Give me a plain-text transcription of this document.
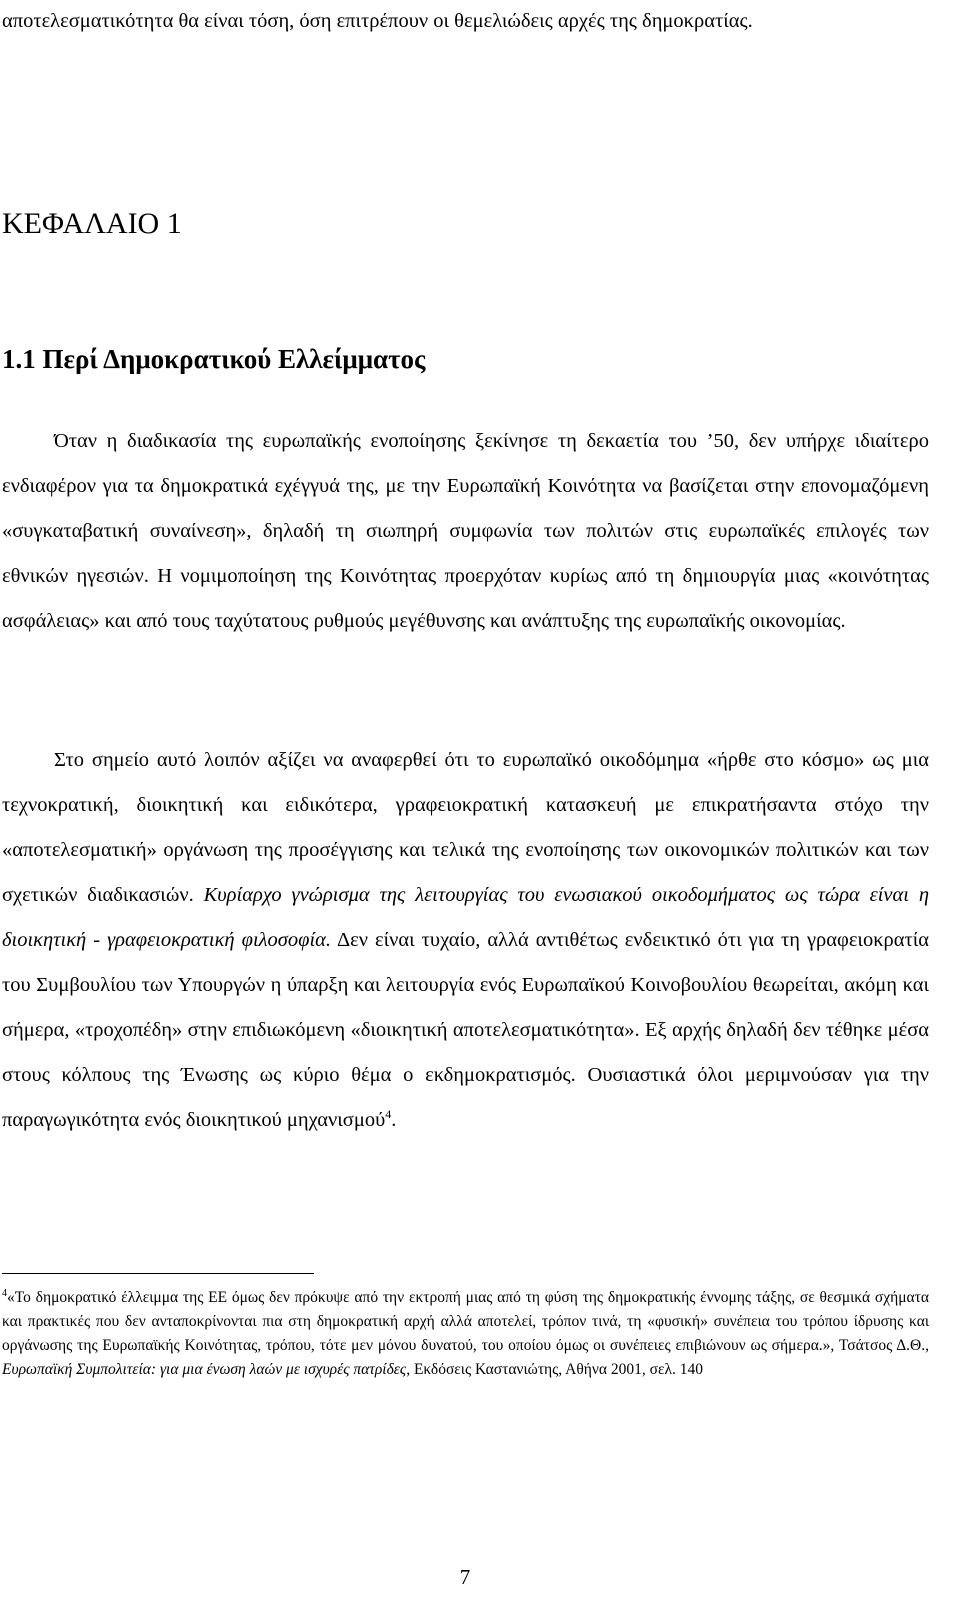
αποτελεσματικότητα θα είναι τόση, όση επιτρέπουν οι θεμελιώδεις αρχές της δημοκρατίας.

ΚΕΦΑΛΑΙΟ 1
1.1 Περί Δημοκρατικού Ελλείμματος

Όταν η διαδικασία της ευρωπαϊκής ενοποίησης ξεκίνησε τη δεκαετία του ’50, δεν υπήρχε ιδιαίτερο ενδιαφέρον για τα δημοκρατικά εχέγγυά της, με την Ευρωπαϊκή Κοινότητα να βασίζεται στην επονομαζόμενη «συγκαταβατική συναίνεση», δηλαδή τη σιωπηρή συμφωνία των πολιτών στις ευρωπαϊκές επιλογές των εθνικών ηγεσιών. Η νομιμοποίηση της Κοινότητας προερχόταν κυρίως από τη δημιουργία μιας «κοινότητας ασφάλειας» και από τους ταχύτατους ρυθμούς μεγέθυνσης και ανάπτυξης της ευρωπαϊκής οικονομίας.

Στο σημείο αυτό λοιπόν αξίζει να αναφερθεί ότι το ευρωπαϊκό οικοδόμημα «ήρθε στο κόσμο» ως μια τεχνοκρατική, διοικητική και ειδικότερα, γραφειοκρατική κατασκευή με επικρατήσαντα στόχο την «αποτελεσματική» οργάνωση της προσέγγισης και τελικά της ενοποίησης των οικονομικών πολιτικών και των σχετικών διαδικασιών. Κυρίαρχο γνώρισμα της λειτουργίας του ενωσιακού οικοδομήματος ως τώρα είναι η διοικητική - γραφειοκρατική φιλοσοφία. Δεν είναι τυχαίο, αλλά αντιθέτως ενδεικτικό ότι για τη γραφειοκρατία του Συμβουλίου των Υπουργών η ύπαρξη και λειτουργία ενός Ευρωπαϊκού Κοινοβουλίου θεωρείται, ακόμη και σήμερα, «τροχοπέδη» στην επιδιωκόμενη «διοικητική αποτελεσματικότητα». Εξ αρχής δηλαδή δεν τέθηκε μέσα στους κόλπους της Ένωσης ως κύριο θέμα ο εκδημοκρατισμός. Ουσιαστικά όλοι μεριμνούσαν για την παραγωγικότητα ενός διοικητικού μηχανισμού$^4$.

$^4$«Το δημοκρατικό έλλειμμα της ΕΕ όμως δεν πρόκυψε από την εκτροπή μιας από τη φύση της δημοκρατικής έννομης τάξης, σε θεσμικά σχήματα και πρακτικές που δεν ανταποκρίνονται πια στη δημοκρατική αρχή αλλά αποτελεί, τρόπον τινά, τη «φυσική» συνέπεια του τρόπου ίδρυσης και οργάνωσης της Ευρωπαϊκής Κοινότητας, τρόπου, τότε μεν μόνου δυνατού, του οποίου όμως οι συνέπειες επιβιώνουν ως σήμερα.», Τσάτσος Δ.Θ., Ευρωπαϊκή Συμπολιτεία: για μια ένωση λαών με ισχυρές πατρίδες, Εκδόσεις Καστανιώτης, Αθήνα 2001, σελ. 140

7
